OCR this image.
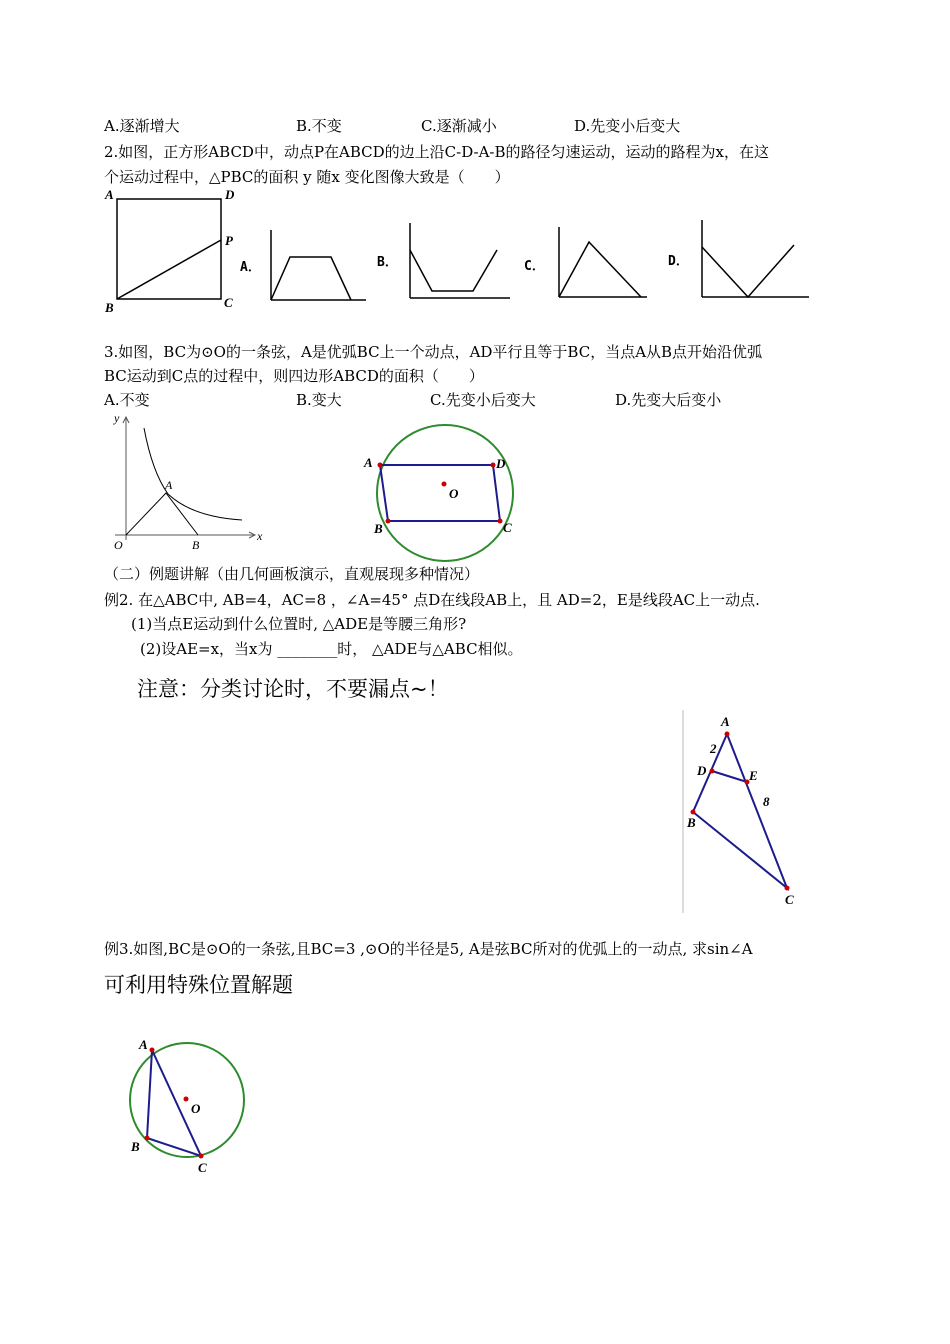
A.逐渐增大	B.不变	C.逐渐减小	D.先变小后变大
2.如图，正方形ABCD中，动点P在ABCD的边上沿C-D-A-B的路径匀速运动，运动的路程为x，在这
个运动过程中，△PBC的面积 y 随x 变化图像大致是（　　）
A	D
P
B	C
A．	B．	C．	D．
3.如图，BC为⊙O的一条弦，A是优弧BC上一个动点，AD平行且等于BC，当点A从B点开始沿优弧
BC运动到C点的过程中，则四边形ABCD的面积（　　）
A.不变	B.变大	C.先变小后变大	D.先变大后变小
y
x
O
A
B
A	D
O
B	C
（二）例题讲解（由几何画板演示，直观展现多种情况）
例2. 在△ABC中, AB=4，AC=8 ，∠A=45° 点D在线段AB上，且 AD=2，E是线段AC上一动点.
(1)当点E运动到什么位置时, △ADE是等腰三角形?
(2)设AE=x，当x为 ________时， △ADE与△ABC相似。
注意：分类讨论时，不要漏点~！
A
2
D	E
8
B
C
例3.如图,BC是⊙O的一条弦,且BC=3 ,⊙O的半径是5, A是弦BC所对的优弧上的一动点, 求sin∠A
可利用特殊位置解题
A
O
B
C
